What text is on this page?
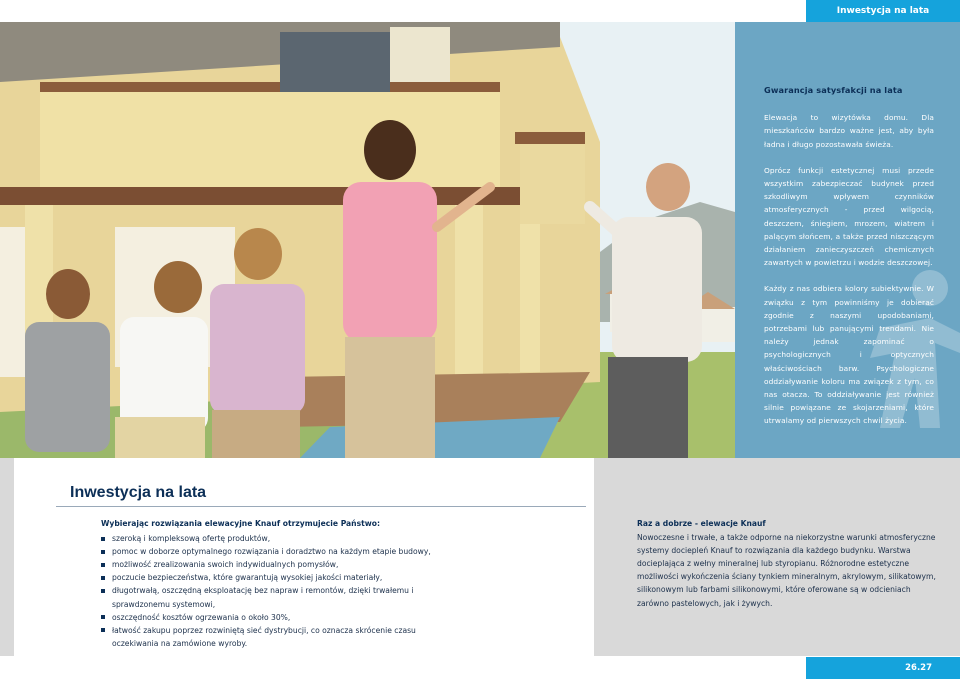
Inwestycja na lata
Gwarancja satysfakcji na lata

Elewacja to wizytówka domu. Dla mieszkańców bardzo ważne jest, aby była ładna i długo pozostawała świeża.

Oprócz funkcji estetycznej musi przede wszystkim zabezpieczać budynek przed szkodliwym wpływem czynników atmosferycznych - przed wilgocią, deszczem, śniegiem, mrozem, wiatrem i palącym słońcem, a także przed niszczącym działaniem zanieczyszczeń chemicznych zawartych w powietrzu i wodzie deszczowej.

Każdy z nas odbiera kolory subiektywnie. W związku z tym powinniśmy je dobierać zgodnie z naszymi upodobaniami, potrzebami lub panującymi trendami. Nie należy jednak zapominać o psychologicznych i optycznych właściwościach barw. Psychologiczne oddziaływanie koloru ma związek z tym, co nas otacza. To oddziaływanie jest również silnie powiązane ze skojarzeniami, które utrwalamy od pierwszych chwil życia.

Inwestycja na lata
Wybierając rozwiązania elewacyjne Knauf otrzymujecie Państwo:
szeroką i kompleksową ofertę produktów,
pomoc w doborze optymalnego rozwiązania i doradztwo na każdym etapie budowy,
możliwość zrealizowania swoich indywidualnych pomysłów,
poczucie bezpieczeństwa, które gwarantują wysokiej jakości materiały,
długotrwałą, oszczędną eksploatację bez napraw i remontów, dzięki trwałemu i sprawdzonemu systemowi,
oszczędność kosztów ogrzewania o około 30%,
łatwość zakupu poprzez rozwiniętą sieć dystrybucji, co oznacza skrócenie czasu oczekiwania na zamówione wyroby.
Raz a dobrze - elewacje Knauf
Nowoczesne i trwałe, a także odporne na niekorzystne warunki atmosferyczne systemy dociepleń Knauf to rozwiązania dla każdego budynku. Warstwa docieplająca z wełny mineralnej lub styropianu. Różnorodne estetyczne możliwości wykończenia ściany tynkiem mineralnym, akrylowym, silikatowym, silikonowym lub farbami silikonowymi, które oferowane są w odcieniach zarówno pastelowych, jak i żywych.
26.27
